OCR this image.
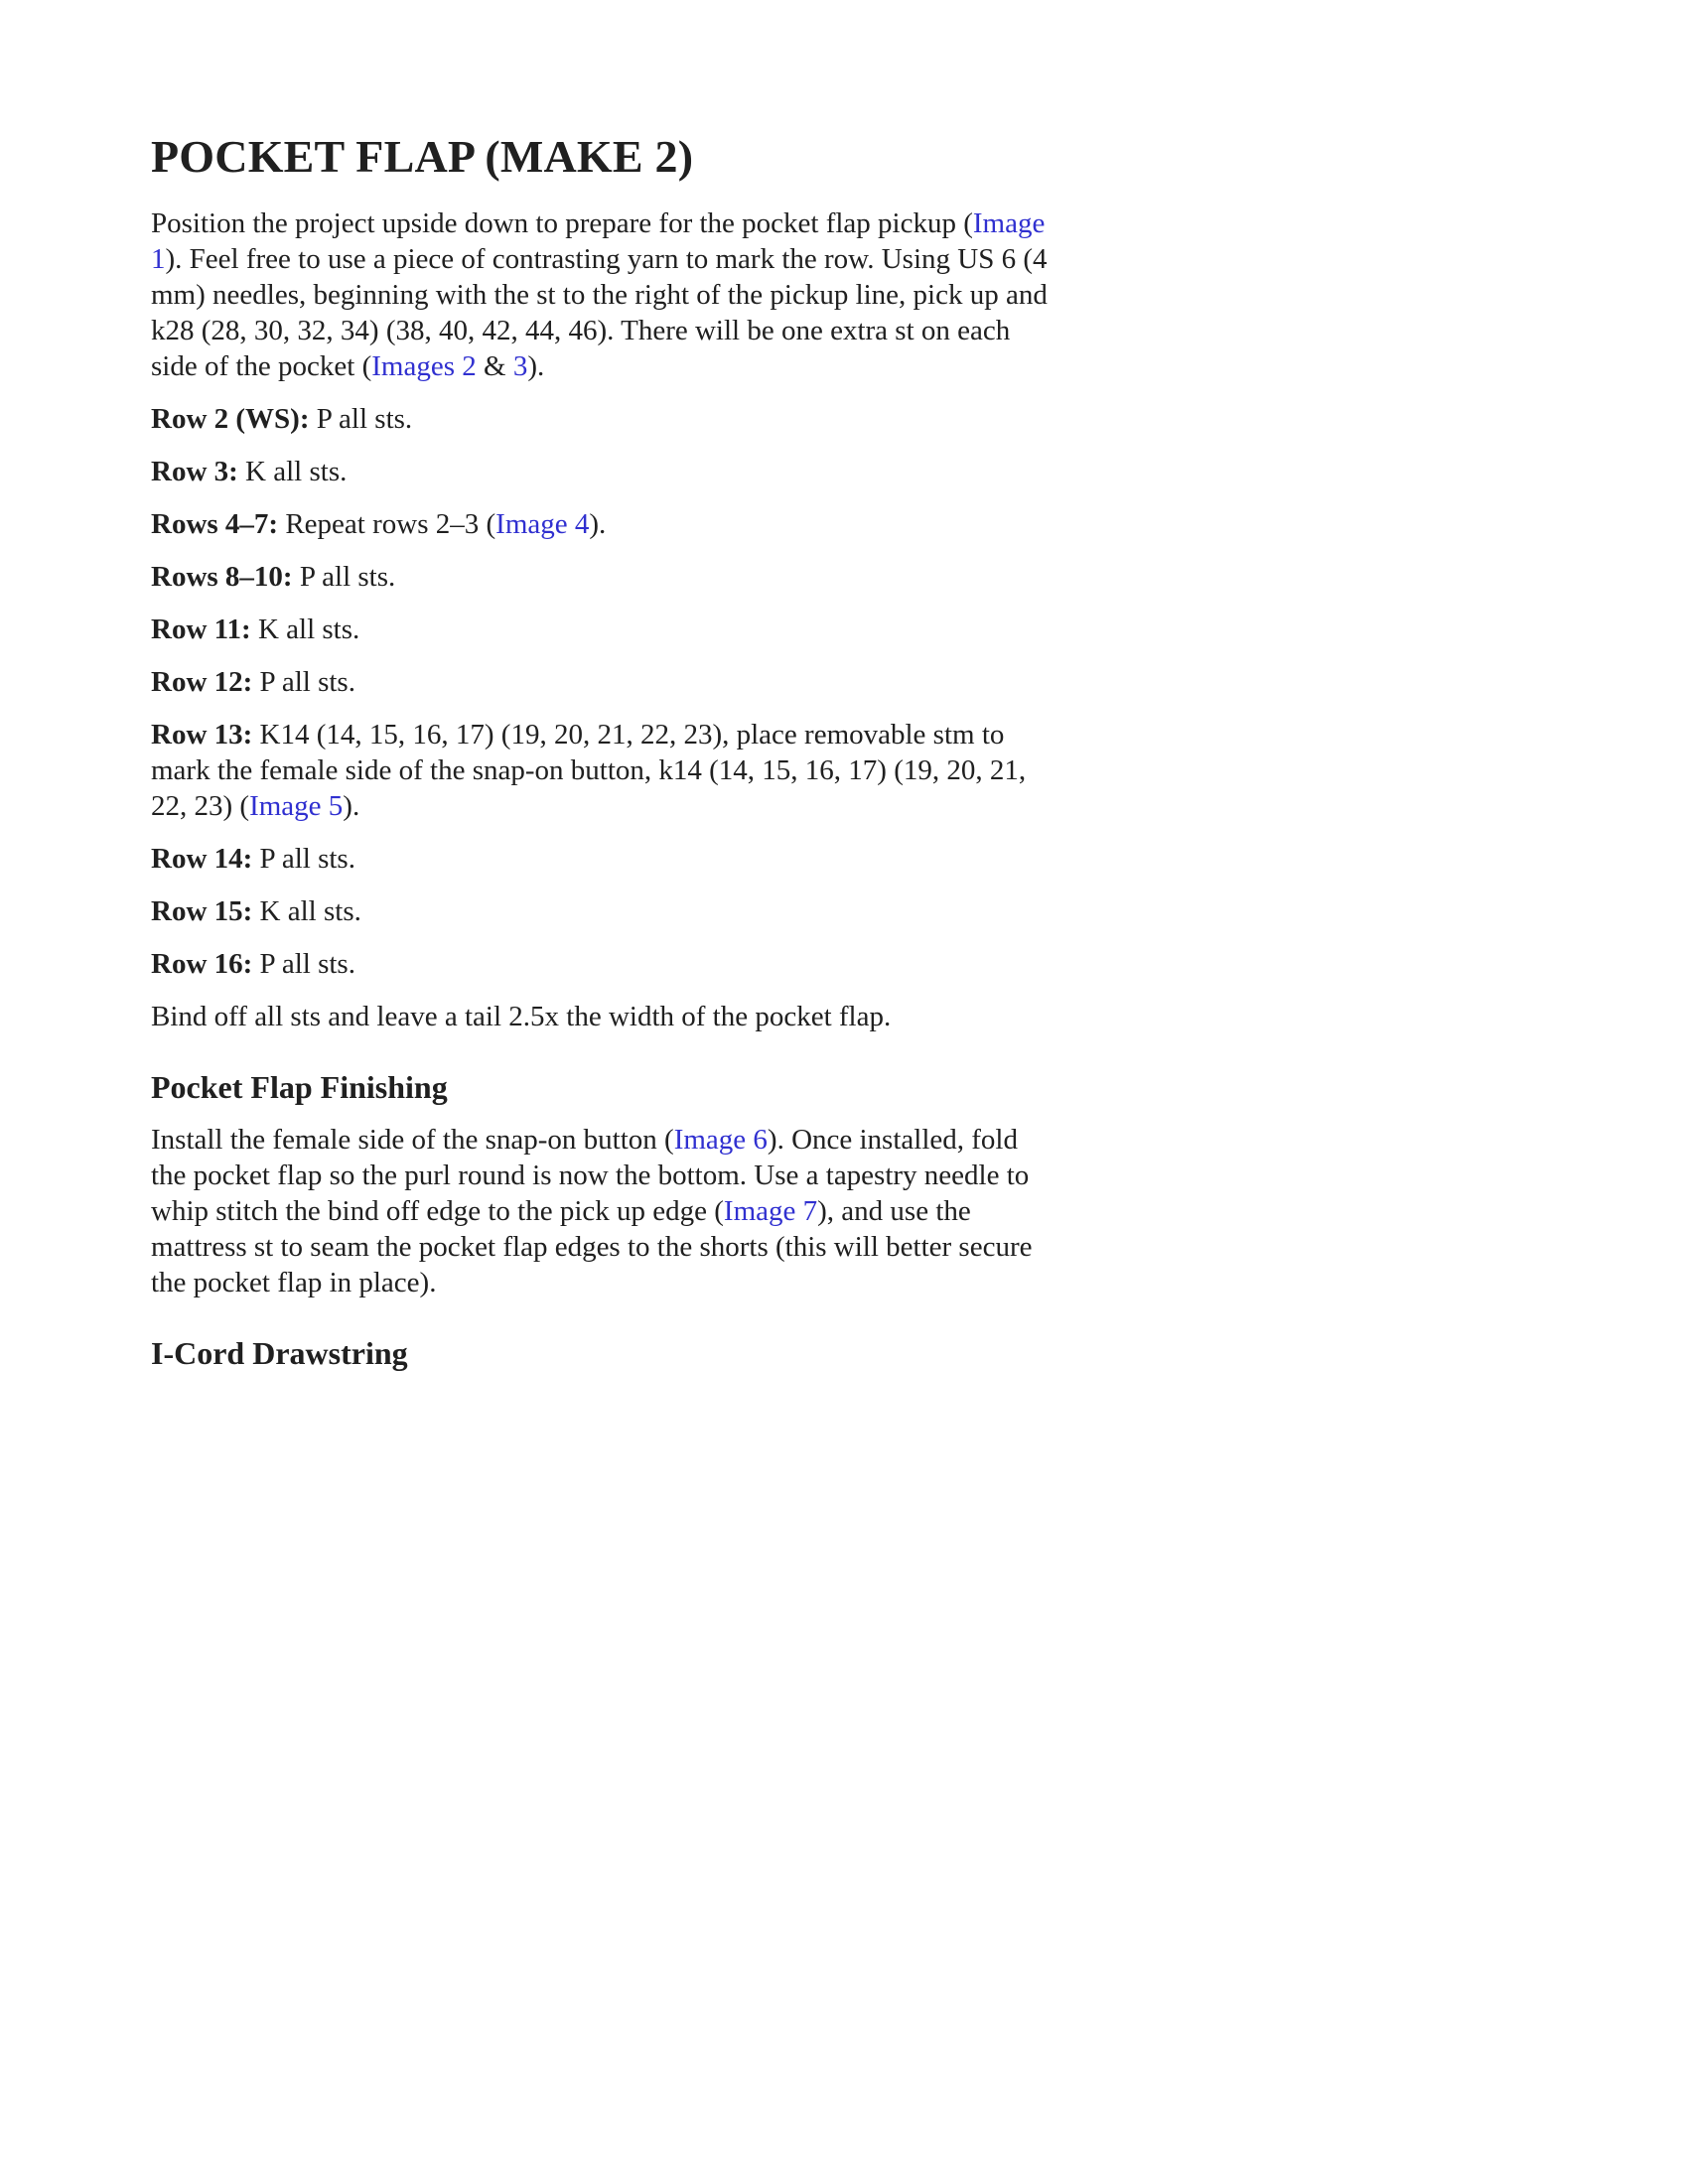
POCKET FLAP (MAKE 2)

Position the project upside down to prepare for the pocket flap pickup (Image 1). Feel free to use a piece of contrasting yarn to mark the row. Using US 6 (4 mm) needles, beginning with the st to the right of the pickup line, pick up and k28 (28, 30, 32, 34) (38, 40, 42, 44, 46). There will be one extra st on each side of the pocket (Images 2 & 3).

Row 2 (WS): P all sts.

Row 3: K all sts.

Rows 4–7: Repeat rows 2–3 (Image 4).

Rows 8–10: P all sts.

Row 11: K all sts.

Row 12: P all sts.

Row 13: K14 (14, 15, 16, 17) (19, 20, 21, 22, 23), place removable stm to mark the female side of the snap-on button, k14 (14, 15, 16, 17) (19, 20, 21, 22, 23) (Image 5).

Row 14: P all sts.

Row 15: K all sts.

Row 16: P all sts.

Bind off all sts and leave a tail 2.5x the width of the pocket flap.

Pocket Flap Finishing

Install the female side of the snap-on button (Image 6). Once installed, fold the pocket flap so the purl round is now the bottom. Use a tapestry needle to whip stitch the bind off edge to the pick up edge (Image 7), and use the mattress st to seam the pocket flap edges to the shorts (this will better secure the pocket flap in place).

I-Cord Drawstring
